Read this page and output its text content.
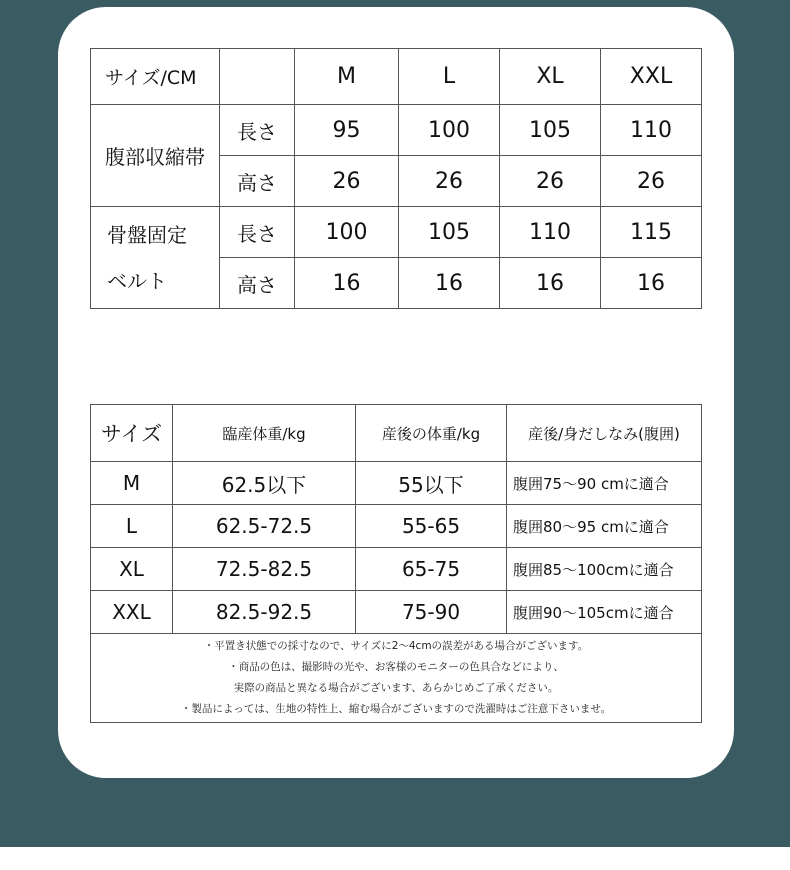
サイズ/CM		M	L	XL	XXL
腹部収縮帯	長さ	95	100	105	110
	高さ	26	26	26	26

骨盤固定
ベルト	長さ	100	105	110	115
	高さ	16	16	16	16
サイズ	臨産体重/kg	産後の体重/kg	産後/身だしなみ(腹囲)
M	62.5以下	55以下	腹囲75〜90 cmに適合
L	62.5-72.5	55-65	腹囲80〜95 cmに適合
XL	72.5-82.5	65-75	腹囲85〜100cmに適合
XXL	82.5-92.5	75-90	腹囲90〜105cmに適合

・平置き状態での採寸なので、サイズに2〜4cmの誤差がある場合がございます。
・商品の色は、撮影時の光や、お客様のモニターの色具合などにより、
実際の商品と異なる場合がございます、あらかじめご了承ください。
・製品によっては、生地の特性上、縮む場合がございますので洗濯時はご注意下さいませ。			
